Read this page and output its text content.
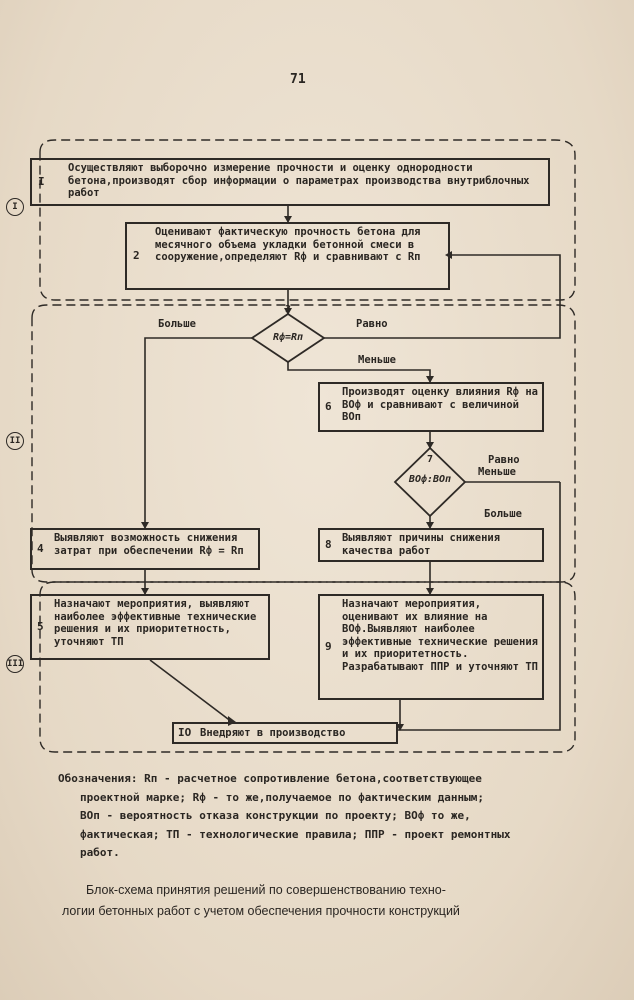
71
I
II
III
I
Осуществляют выборочно измерение прочности и оценку однородности бетона,производят сбор информации о параметрах производства внутриблочных работ
2
Оценивают фактическую прочность бетона для месячного объема укладки бетонной смеси в сооружение,определяют Rф и сравнивают с Rп
3
Rф=Rп
Больше	Равно
Меньше
6
Производят оценку влияния Rф на ВОф и сравнивают с величиной ВОп
7
ВОф:ВОп
Равно
Меньше
Больше
4
Выявляют возможность снижения затрат при обеспечении Rф = Rп	8 Выявляют причины снижения качества работ
5
Назначают мероприятия, выявляют наиболее эффективные технические решения и их приоритетность, уточняют ТП	9
Назначают мероприятия, оценивают их влияние на ВОф.Выявляют наиболее эффективные технические решения и их приоритетность. Разрабатывают ППР и уточняют ТП
IO Внедряют в производство
Обозначения: Rп - расчетное сопротивление бетона,соответствующее
проектной марке; Rф - то же,получаемое по фактическим данным;
ВОп - вероятность отказа конструкции по проекту; ВОф то же,
фактическая; ТП - технологические правила; ППР - проект ремонтных
работ.
Блок-схема принятия решений по совершенствованию техно-
логии бетонных работ с учетом обеспечения прочности конструкций
